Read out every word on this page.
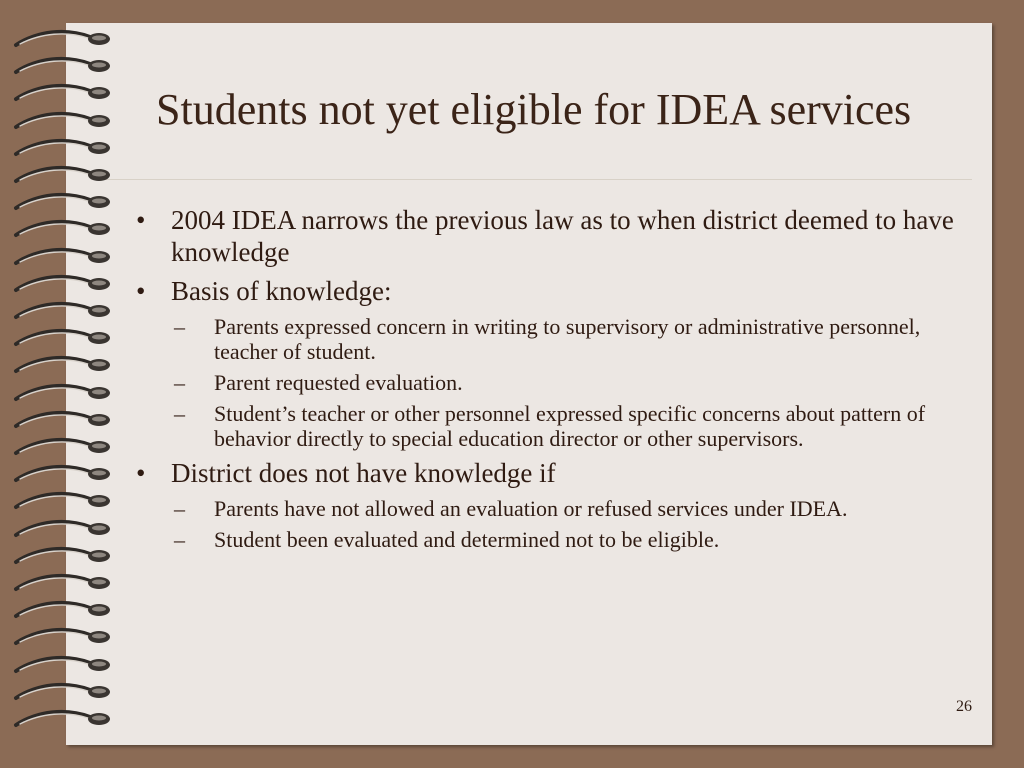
Students not yet eligible for IDEA services
• 2004 IDEA narrows the previous law as to when district deemed to have knowledge
• Basis of knowledge:
–	Parents expressed concern in writing to supervisory or administrative personnel, teacher of student.
–	Parent requested evaluation.
–	Student’s teacher or other personnel expressed specific concerns about pattern of behavior directly to special education director or other supervisors.
• District does not have knowledge if
–	Parents have not allowed an evaluation or refused services under IDEA.
–	Student been evaluated and determined not to be eligible.
26
